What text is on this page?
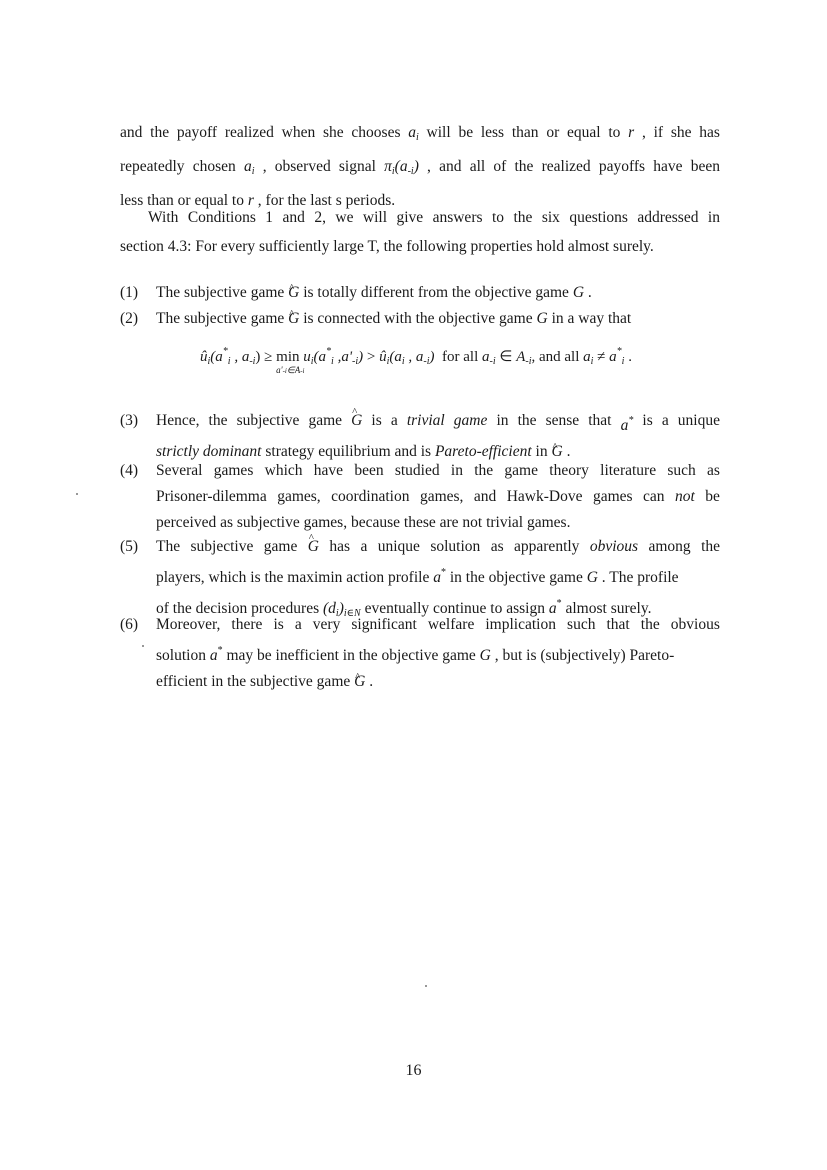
and the payoff realized when she chooses $a_i$ will be less than or equal to r , if she has
repeatedly chosen $a_i$ , observed signal $\pi_i(a_{-i})$ , and all of the realized payoffs have been
less than or equal to r , for the last s periods.
With Conditions 1 and 2, we will give answers to the six questions addressed in
section 4.3: For every sufficiently large T, the following properties hold almost surely.
(1)	The subjective game ^ G is totally different from the objective game G .
(2)	The subjective game ^ G is connected with the objective game G in a way that
(3)	Hence, the subjective game ^ G is a trivial game in the sense that a* is a unique
strictly dominant strategy equilibrium and is Pareto-efficient in ^ G .
(4)	Several games which have been studied in the game theory literature such as
Prisoner-dilemma games, coordination games, and Hawk-Dove games can not be
perceived as subjective games, because these are not trivial games.
(5)	The subjective game ^ G has a unique solution as apparently obvious among the
players, which is the maximin action profile a* in the objective game G . The profile
of the decision procedures $(d_i)_{i\in N}$ eventually continue to assign a* almost surely.
(6)	Moreover, there is a very significant welfare implication such that the obvious
solution a* may be inefficient in the objective game G , but is (subjectively) Pareto-
efficient in the subjective game ^ G .
$û_i(a^*_i$ , $a_{-i}) \ge \min$
a'-i∈A-i
$u_i(a^*_i$ $,a'_{-i}$) > $û_i(a_i$ , $a_{-i}$) for all $a_{-i}$ ∈ $A_{-i}$, and all $a_i \ne a^*_i$ .
16
